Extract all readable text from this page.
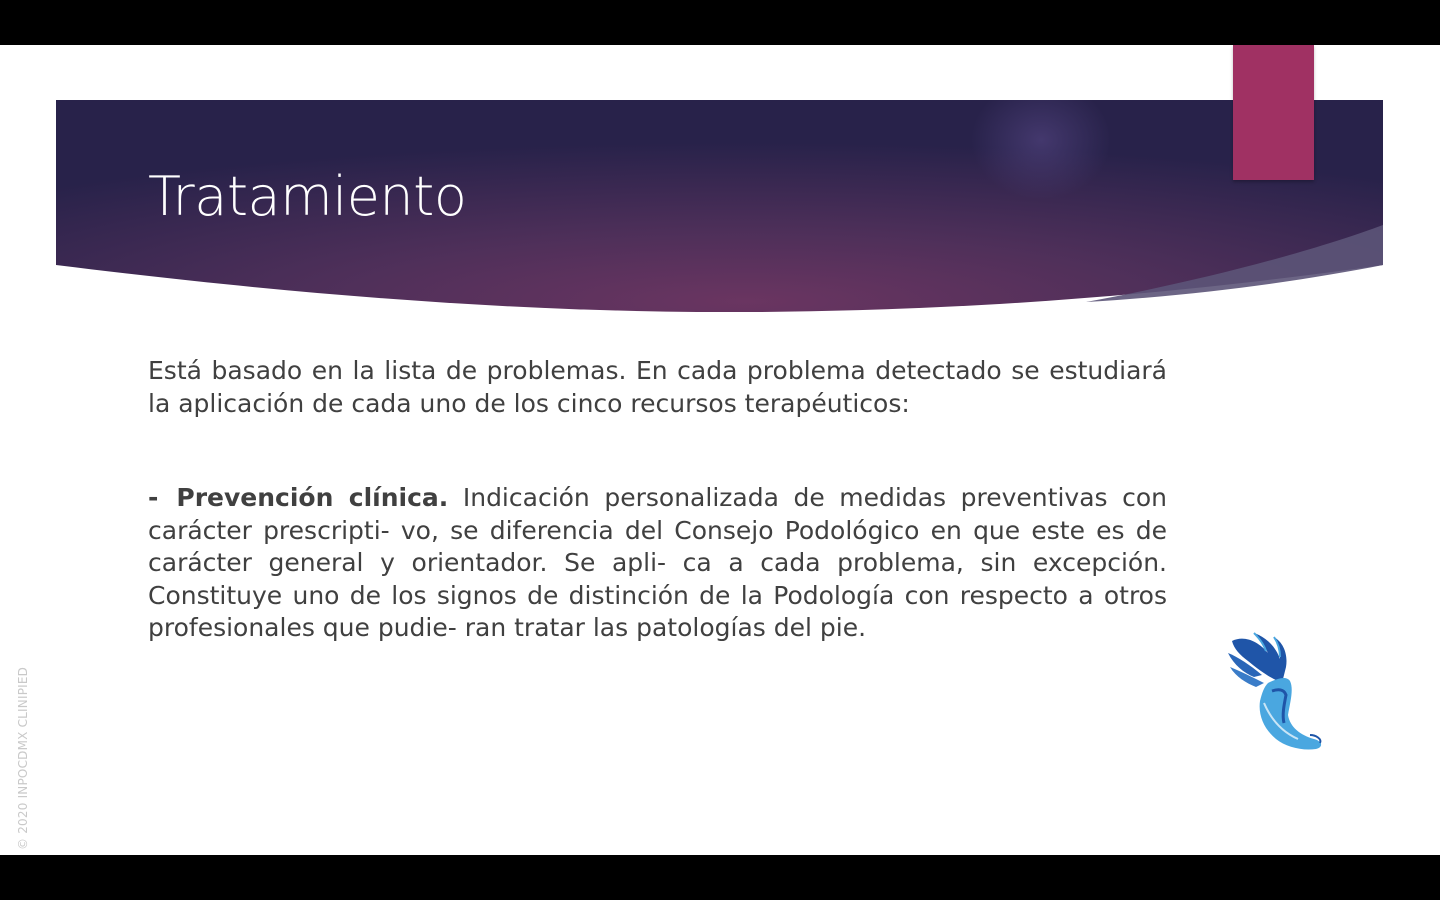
Tratamiento

Está basado en la lista de problemas. En cada problema detectado se estudiará la aplicación de cada uno de los cinco recursos terapéuticos:

- Prevención clínica. Indicación personalizada de medidas preventivas con carácter prescripti- vo, se diferencia del Consejo Podológico en que este es de carácter general y orientador. Se apli- ca a cada problema, sin excepción. Constituye uno de los signos de distinción de la Podología con respecto a otros profesionales que pudie- ran tratar las patologías del pie.

© 2020 INPOCDMX CLINIPIED
